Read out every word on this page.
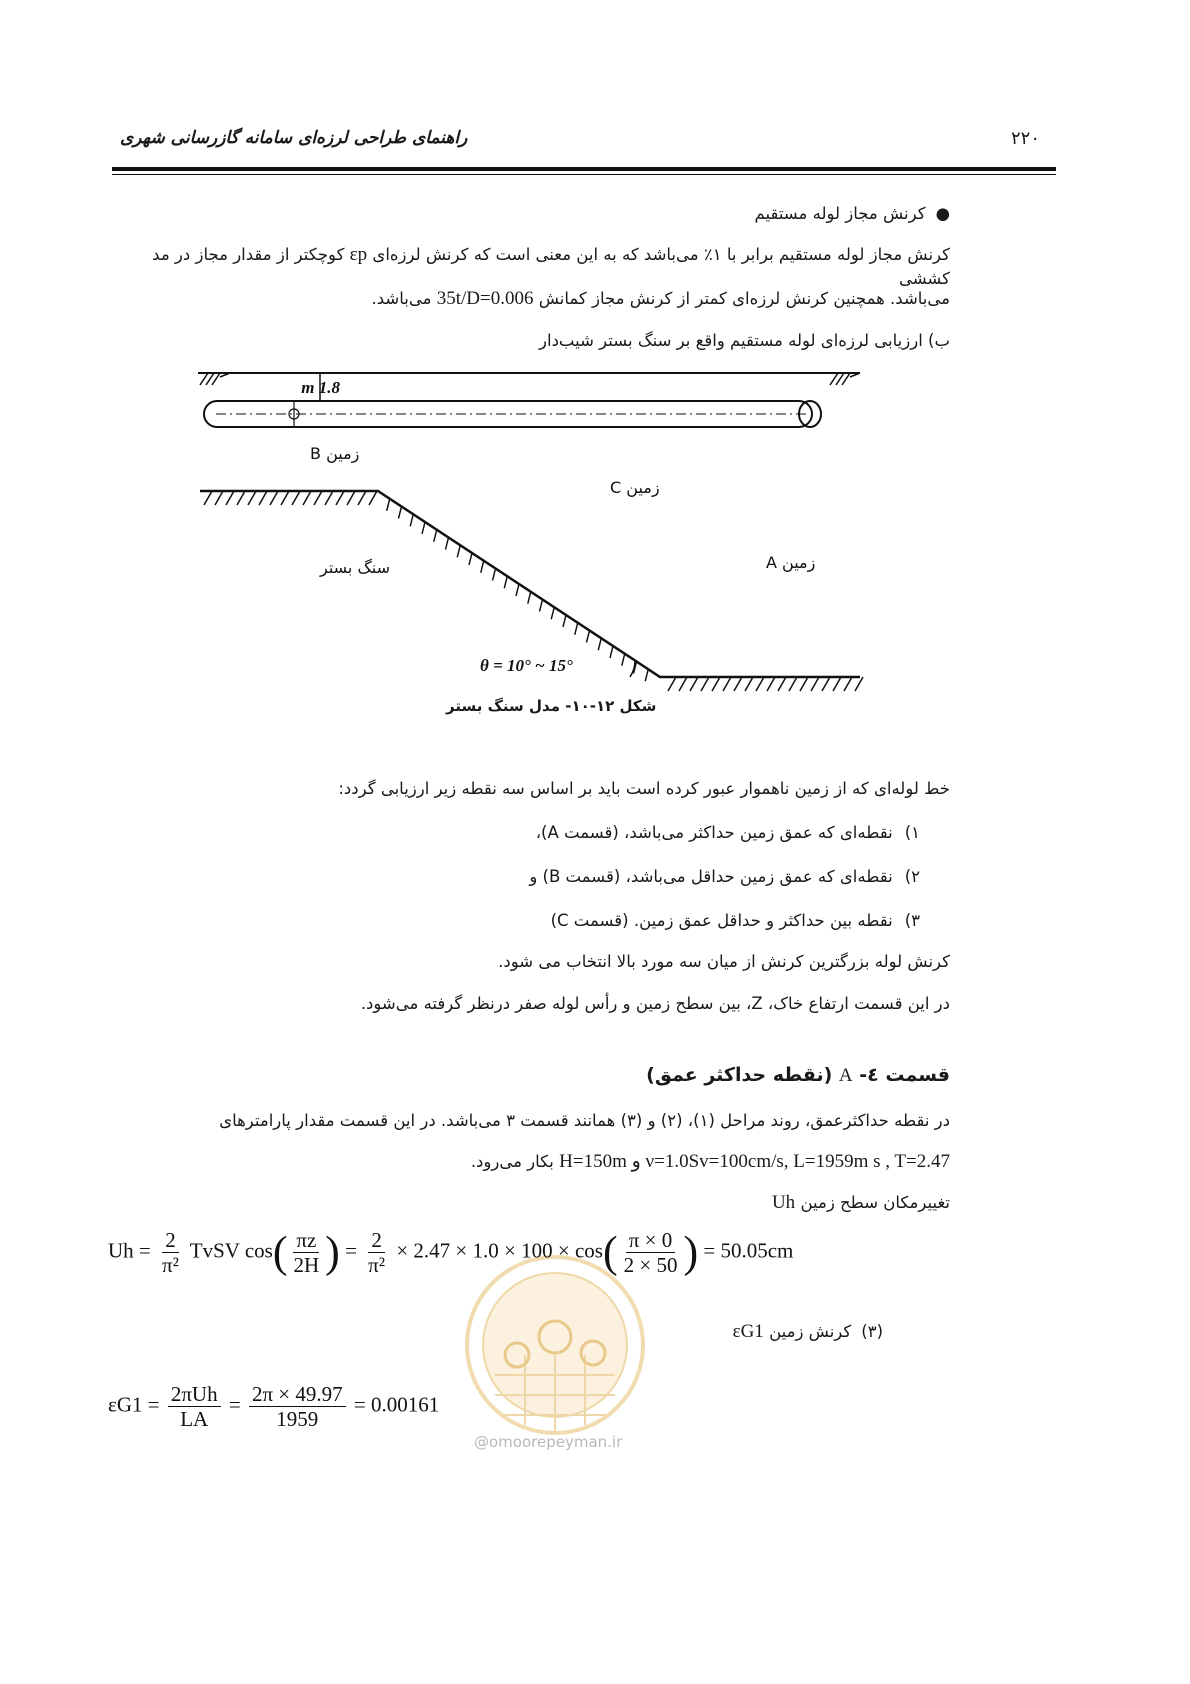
راهنمای طراحی لرزه‌ای سامانه گازرسانی شهری	۲۲۰
●کرنش مجاز لوله مستقیم
کرنش مجاز لوله مستقیم برابر با ۱٪ می‌باشد که به این معنی است که کرنش لرزه‌ای εp کوچکتر از مقدار مجاز در مد کششی
می‌باشد. همچنین کرنش لرزه‌ای کمتر از کرنش مجاز کمانش 35t/D=0.006 می‌باشد.
ب) ارزیابی لرزه‌ای لوله مستقیم واقع بر سنگ بستر شیب‌دار
1.8 m
θ = 10° ~ 15°
زمین B
زمین C
سنگ بستر	زمین A
شکل ۱۲-۱۰- مدل سنگ بستر
خط لوله‌ای که از زمین ناهموار عبور کرده است باید بر اساس سه نقطه زیر ارزیابی گردد:
۱)نقطه‌ای که عمق زمین حداکثر می‌باشد، (قسمت A)،
۲)نقطه‌ای که عمق زمین حداقل می‌باشد، (قسمت B) و
۳)نقطه بین حداکثر و حداقل عمق زمین. (قسمت C)
کرنش لوله بزرگترین کرنش از میان سه مورد بالا انتخاب می شود.
در این قسمت ارتفاع خاک، Z، بین سطح زمین و رأس لوله صفر درنظر گرفته می‌شود.
قسمت ٤- A (نقطه حداکثر عمق)
در نقطه حداکثرعمق، روند مراحل (۱)، (۲) و (۳) همانند قسمت ۳ می‌باشد. در این قسمت مقدار پارامترهای
H=150m و ν=1.0Sv=100cm/s, L=1959m s , T=2.47 بکار می‌رود.
تغییرمکان سطح زمین Uh
@omoorepeyman.ir
$Uh = \frac{2}{\text{π²}}$ TvSV $\cos( \frac{\pi z}{2H}$ ) = $\frac{2}{\text{π²}} \times 2.47 \times 1.0 \times 100 \times \cos( \frac{\pi \times 0}{2 \times 50}$ ) = 50.05cm
(۳)کرنش زمین εG1
$\varepsilon G1 = \frac{\text{2πUh}}{LA} = \frac{2\pi \times 49.97}{1959} = 0.00161$
